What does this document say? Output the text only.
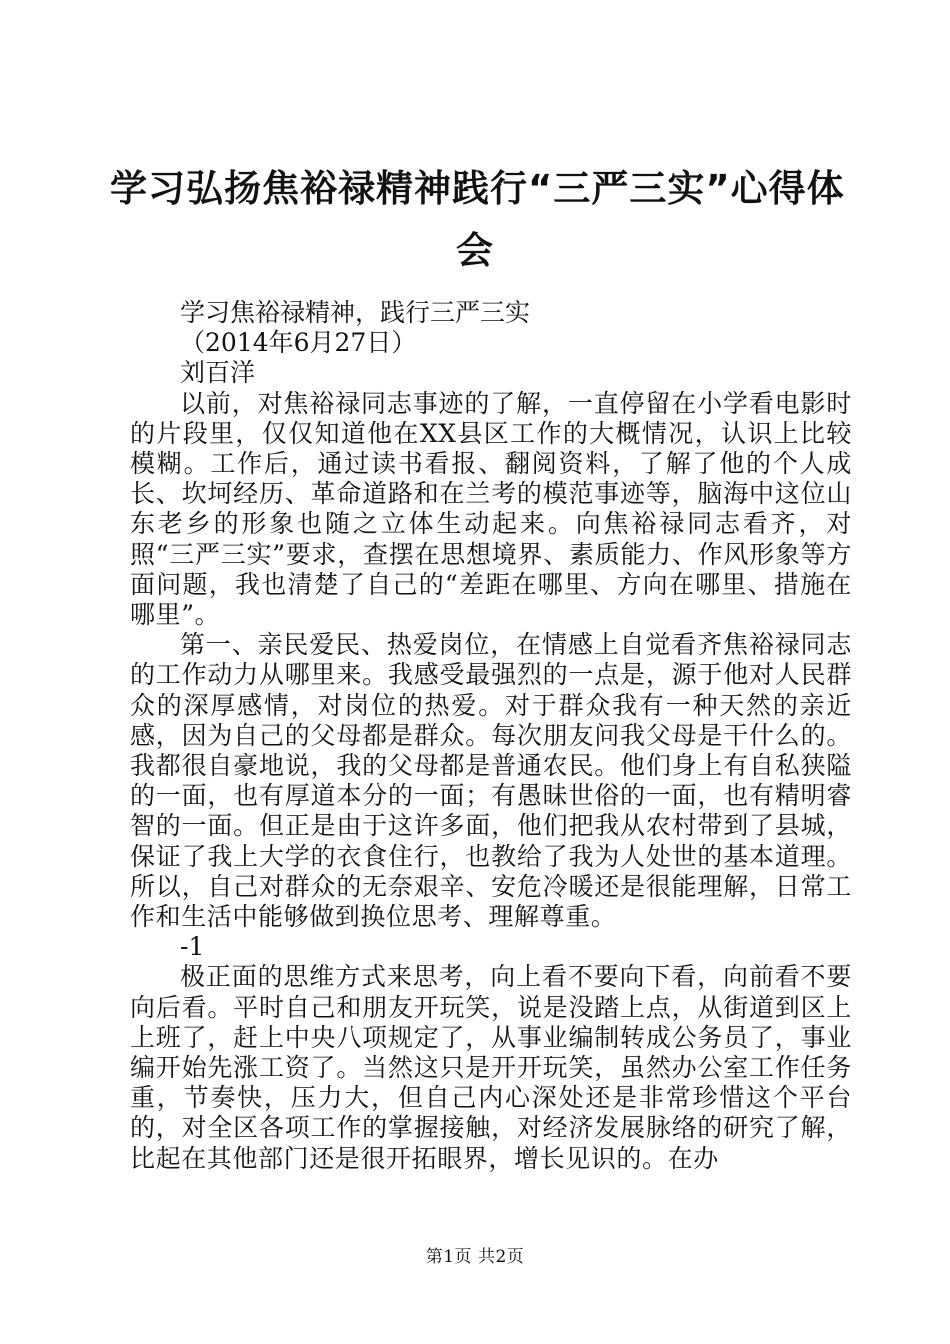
学习弘扬焦裕禄精神践行“三严三实”心得体
会

学习焦裕禄精神，践行三严三实

（2014年6月27日）

刘百洋

以前，对焦裕禄同志事迹的了解，一直停留在小学看电影时的片段里，仅仅知道他在XX县区工作的大概情况，认识上比较模糊。工作后，通过读书看报、翻阅资料，了解了他的个人成长、坎坷经历、革命道路和在兰考的模范事迹等，脑海中这位山东老乡的形象也随之立体生动起来。向焦裕禄同志看齐，对照“三严三实”要求，查摆在思想境界、素质能力、作风形象等方面问题，我也清楚了自己的“差距在哪里、方向在哪里、措施在哪里”。

第一、亲民爱民、热爱岗位，在情感上自觉看齐焦裕禄同志的工作动力从哪里来。我感受最强烈的一点是，源于他对人民群众的深厚感情，对岗位的热爱。对于群众我有一种天然的亲近感，因为自己的父母都是群众。每次朋友问我父母是干什么的。我都很自豪地说，我的父母都是普通农民。他们身上有自私狭隘的一面，也有厚道本分的一面；有愚昧世俗的一面，也有精明睿智的一面。但正是由于这许多面，他们把我从农村带到了县城，保证了我上大学的衣食住行，也教给了我为人处世的基本道理。所以，自己对群众的无奈艰辛、安危冷暖还是很能理解，日常工作和生活中能够做到换位思考、理解尊重。

-1

极正面的思维方式来思考，向上看不要向下看，向前看不要向后看。平时自己和朋友开玩笑，说是没踏上点，从街道到区上上班了，赶上中央八项规定了，从事业编制转成公务员了，事业编开始先涨工资了。当然这只是开开玩笑，虽然办公室工作任务重，节奏快，压力大，但自己内心深处还是非常珍惜这个平台的，对全区各项工作的掌握接触，对经济发展脉络的研究了解，比起在其他部门还是很开拓眼界，增长见识的。在办

第1页 共2页
